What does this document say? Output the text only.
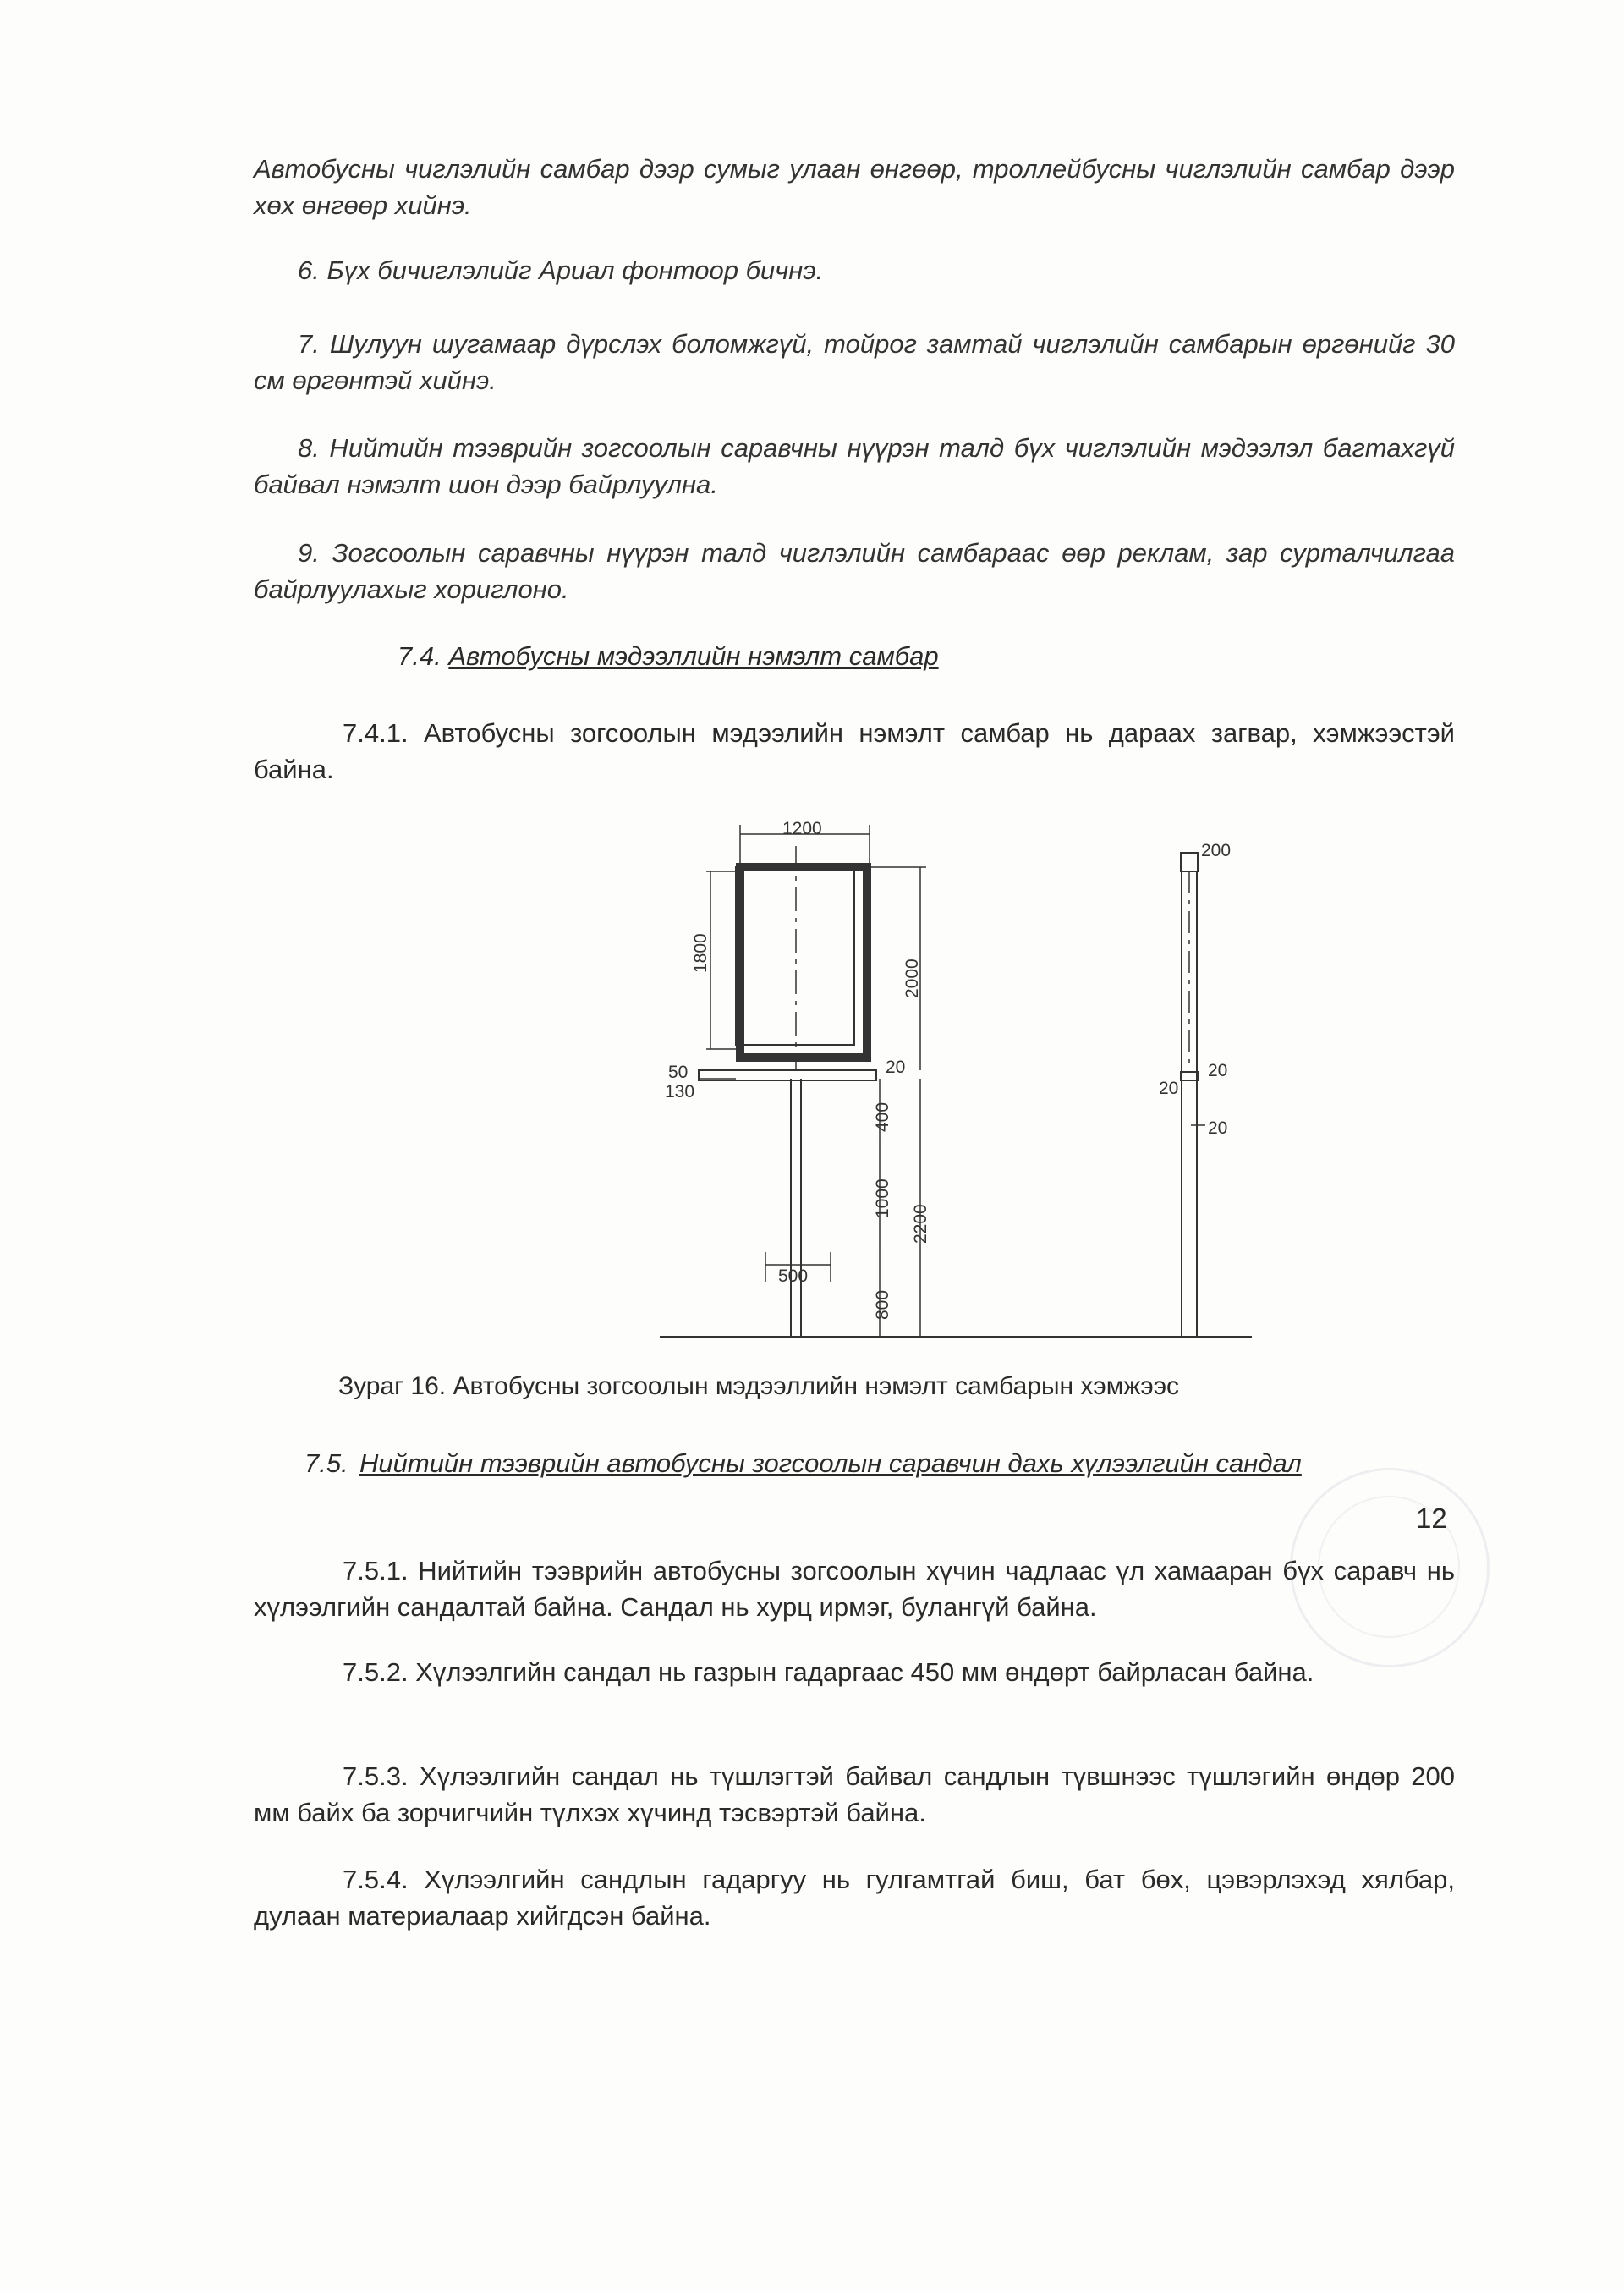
Автобусны чиглэлийн самбар дээр сумыг улаан өнгөөр, троллейбусны чиглэлийн самбар дээр хөх өнгөөр хийнэ.

6. Бүх бичиглэлийг Ариал фонтоор бичнэ.

7. Шулуун шугамаар дүрслэх боломжгүй, тойрог замтай чиглэлийн самбарын өргөнийг 30 см өргөнтэй хийнэ.

8. Нийтийн тээврийн зогсоолын саравчны нүүрэн талд бүх чиглэлийн мэдээлэл багтахгүй байвал нэмэлт шон дээр байрлуулна.

9. Зогсоолын саравчны нүүрэн талд чиглэлийн самбараас өөр реклам, зар сурталчилгаа байрлуулахыг хориглоно.

7.4. Автобусны мэдээллийн нэмэлт самбар

7.4.1. Автобусны зогсоолын мэдээлийн нэмэлт самбар нь дараах загвар, хэмжээстэй байна.

1200
1800
2000
50
130
20
400
1000
2200
500
800
200
20
20
20

Зураг 16. Автобусны зогсоолын мэдээллийн нэмэлт самбарын хэмжээс

7.5. Нийтийн тээврийн автобусны зогсоолын саравчин дахь хүлээлгийн сандал

7.5.1. Нийтийн тээврийн автобусны зогсоолын хүчин чадлаас үл хамааран бүх саравч нь хүлээлгийн сандалтай байна. Сандал нь хурц ирмэг, булангүй байна.

7.5.2. Хүлээлгийн сандал нь газрын гадаргаас 450 мм өндөрт байрласан байна.

7.5.3. Хүлээлгийн сандал нь түшлэгтэй байвал сандлын түвшнээс түшлэгийн өндөр 200 мм байх ба зорчигчийн түлхэх хүчинд тэсвэртэй байна.

7.5.4. Хүлээлгийн сандлын гадаргуу нь гулгамтгай биш, бат бөх, цэвэрлэхэд хялбар, дулаан материалаар хийгдсэн байна.

12
